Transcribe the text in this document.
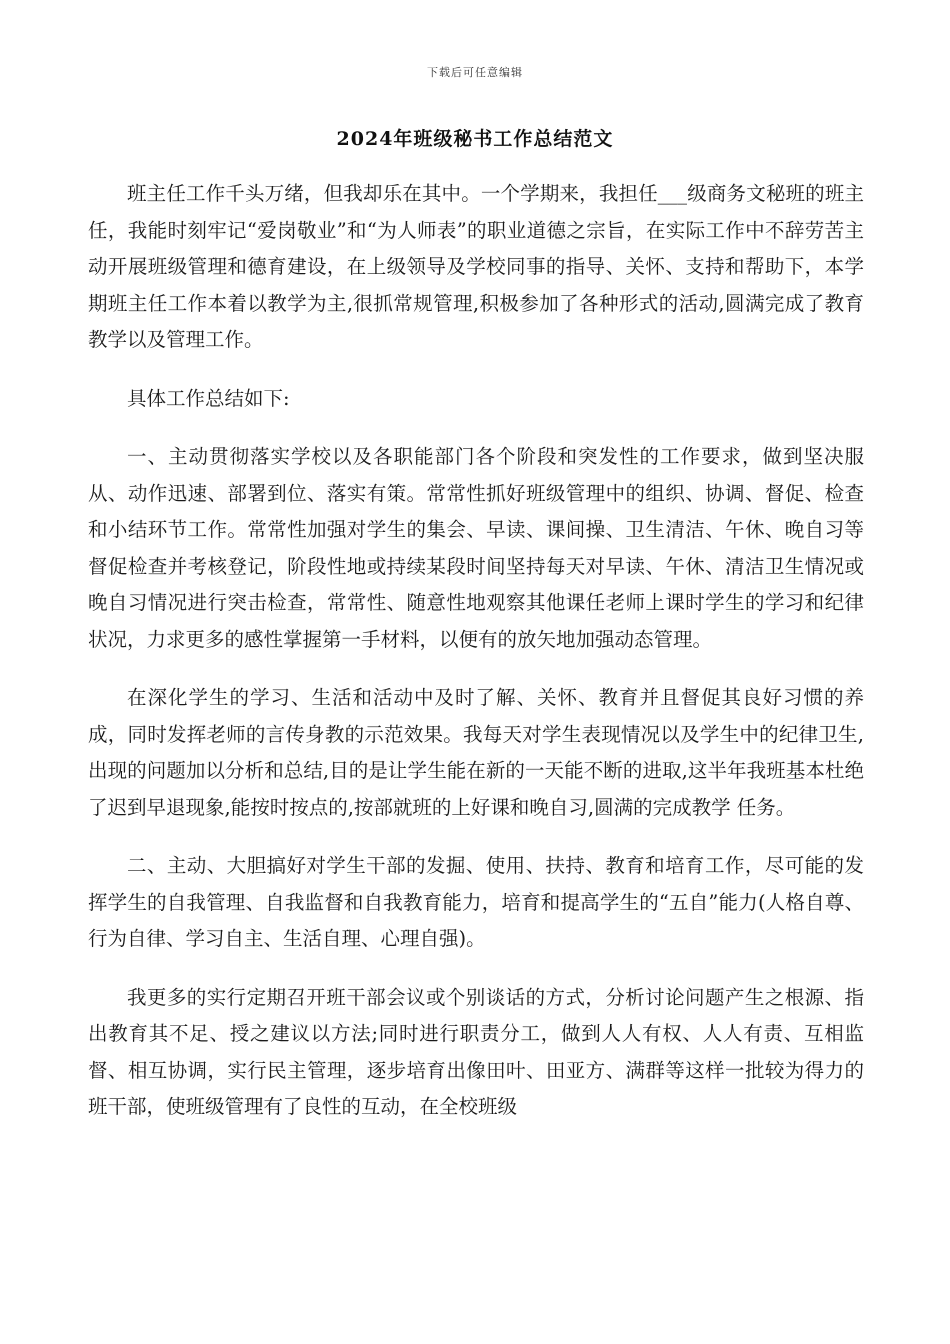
下载后可任意编辑
2024年班级秘书工作总结范文

班主任工作千头万绪，但我却乐在其中。一个学期来，我担任___级商务文秘班的班主任，我能时刻牢记“爱岗敬业”和“为人师表”的职业道德之宗旨，在实际工作中不辞劳苦主动开展班级管理和德育建设，在上级领导及学校同事的指导、关怀、支持和帮助下，本学期班主任工作本着以教学为主,很抓常规管理,积极参加了各种形式的活动,圆满完成了教育教学以及管理工作。

具体工作总结如下:

一、主动贯彻落实学校以及各职能部门各个阶段和突发性的工作要求，做到坚决服从、动作迅速、部署到位、落实有策。常常性抓好班级管理中的组织、协调、督促、检查和小结环节工作。常常性加强对学生的集会、早读、课间操、卫生清洁、午休、晚自习等督促检查并考核登记，阶段性地或持续某段时间坚持每天对早读、午休、清洁卫生情况或晚自习情况进行突击检查，常常性、随意性地观察其他课任老师上课时学生的学习和纪律状况，力求更多的感性掌握第一手材料，以便有的放矢地加强动态管理。

在深化学生的学习、生活和活动中及时了解、关怀、教育并且督促其良好习惯的养成，同时发挥老师的言传身教的示范效果。我每天对学生表现情况以及学生中的纪律卫生,出现的问题加以分析和总结,目的是让学生能在新的一天能不断的进取,这半年我班基本杜绝了迟到早退现象,能按时按点的,按部就班的上好课和晚自习,圆满的完成教学 任务。

二、主动、大胆搞好对学生干部的发掘、使用、扶持、教育和培育工作，尽可能的发挥学生的自我管理、自我监督和自我教育能力，培育和提高学生的“五自”能力(人格自尊、行为自律、学习自主、生活自理、心理自强)。

我更多的实行定期召开班干部会议或个别谈话的方式，分析讨论问题产生之根源、指出教育其不足、授之建议以方法;同时进行职责分工，做到人人有权、人人有责、互相监督、相互协调，实行民主管理，逐步培育出像田叶、田亚方、满群等这样一批较为得力的班干部，使班级管理有了良性的互动，在全校班级
